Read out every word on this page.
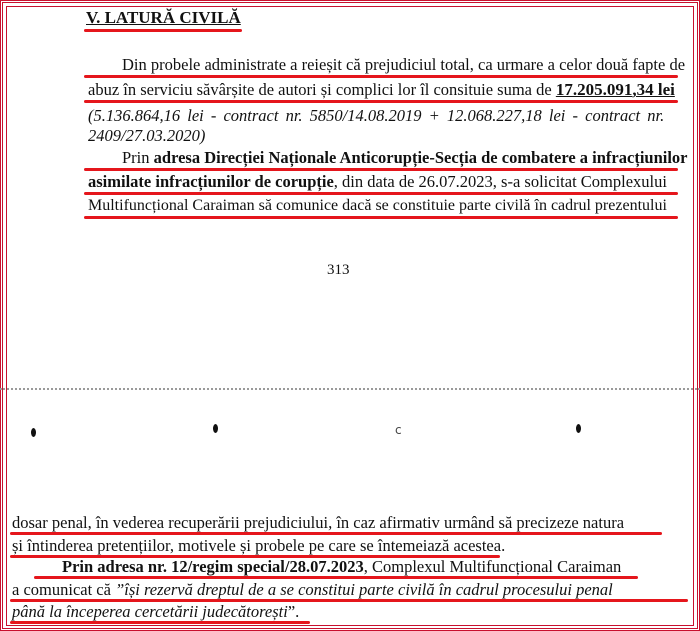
V. LATURĂ CIVILĂ
Din probele administrate a reieșit că prejudiciul total, ca urmare a celor două fapte de
abuz în serviciu săvârșite de autori și complici lor îl consituie suma de 17.205.091,34 lei
(5.136.864,16 lei - contract nr. 5850/14.08.2019 + 12.068.227,18 lei - contract nr.
2409/27.03.2020)
Prin adresa Direcției Naționale Anticorupție-Secția de combatere a infracțiunilor
asimilate infracțiunilor de corupție, din data de 26.07.2023, s-a solicitat Complexului
Multifuncțional Caraiman să comunice dacă se constituie parte civilă în cadrul prezentului
313
c
dosar penal, în vederea recuperării prejudiciului, în caz afirmativ urmând să precizeze natura
și întinderea pretențiilor, motivele și probele pe care se întemeiază acestea.
Prin adresa nr. 12/regim special/28.07.2023, Complexul Multifuncțional Caraiman
a comunicat că ”își rezervă dreptul de a se constitui parte civilă în cadrul procesului penal
până la începerea cercetării judecătorești”.
